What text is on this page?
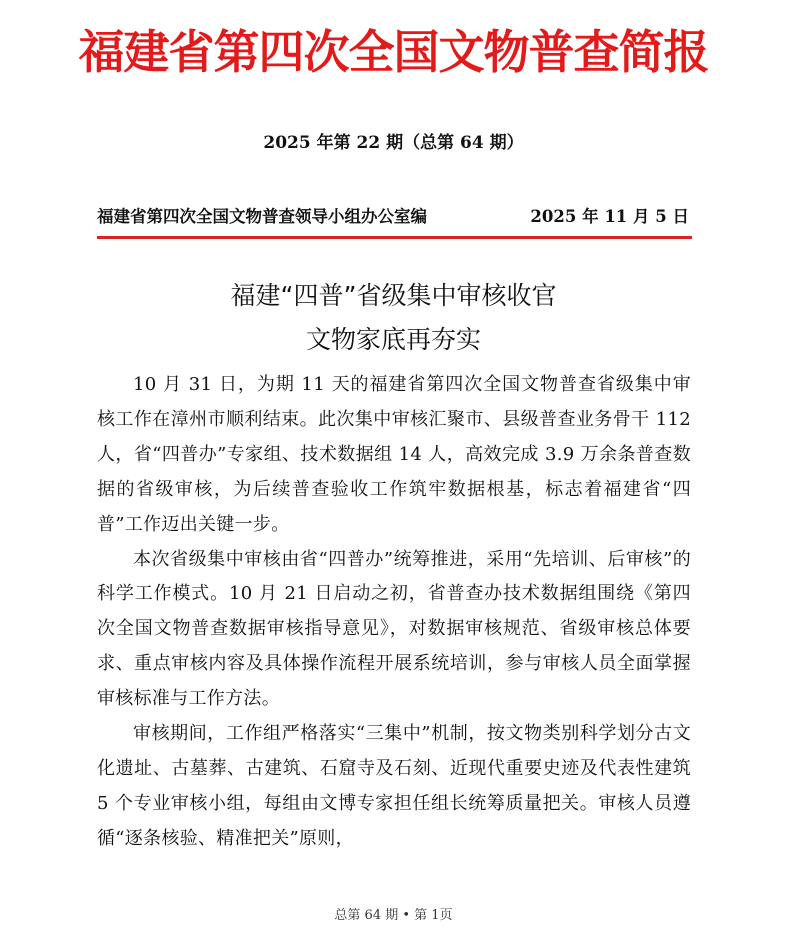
福建省第四次全国文物普查简报
2025 年第 22 期（总第 64 期）
福建省第四次全国文物普查领导小组办公室编	2025 年 11 月 5 日
福建“四普”省级集中审核收官
文物家底再夯实

10 月 31 日，为期 11 天的福建省第四次全国文物普查省级集中审核工作在漳州市顺利结束。此次集中审核汇聚市、县级普查业务骨干 112 人，省“四普办”专家组、技术数据组 14 人，高效完成 3.9 万余条普查数据的省级审核，为后续普查验收工作筑牢数据根基，标志着福建省“四普”工作迈出关键一步。

本次省级集中审核由省“四普办”统筹推进，采用“先培训、后审核”的科学工作模式。10 月 21 日启动之初，省普查办技术数据组围绕《第四次全国文物普查数据审核指导意见》，对数据审核规范、省级审核总体要求、重点审核内容及具体操作流程开展系统培训，参与审核人员全面掌握审核标准与工作方法。

审核期间，工作组严格落实“三集中”机制，按文物类别科学划分古文化遗址、古墓葬、古建筑、石窟寺及石刻、近现代重要史迹及代表性建筑 5 个专业审核小组，每组由文博专家担任组长统筹质量把关。审核人员遵循“逐条核验、精准把关”原则，

总第 64 期 • 第 1页
